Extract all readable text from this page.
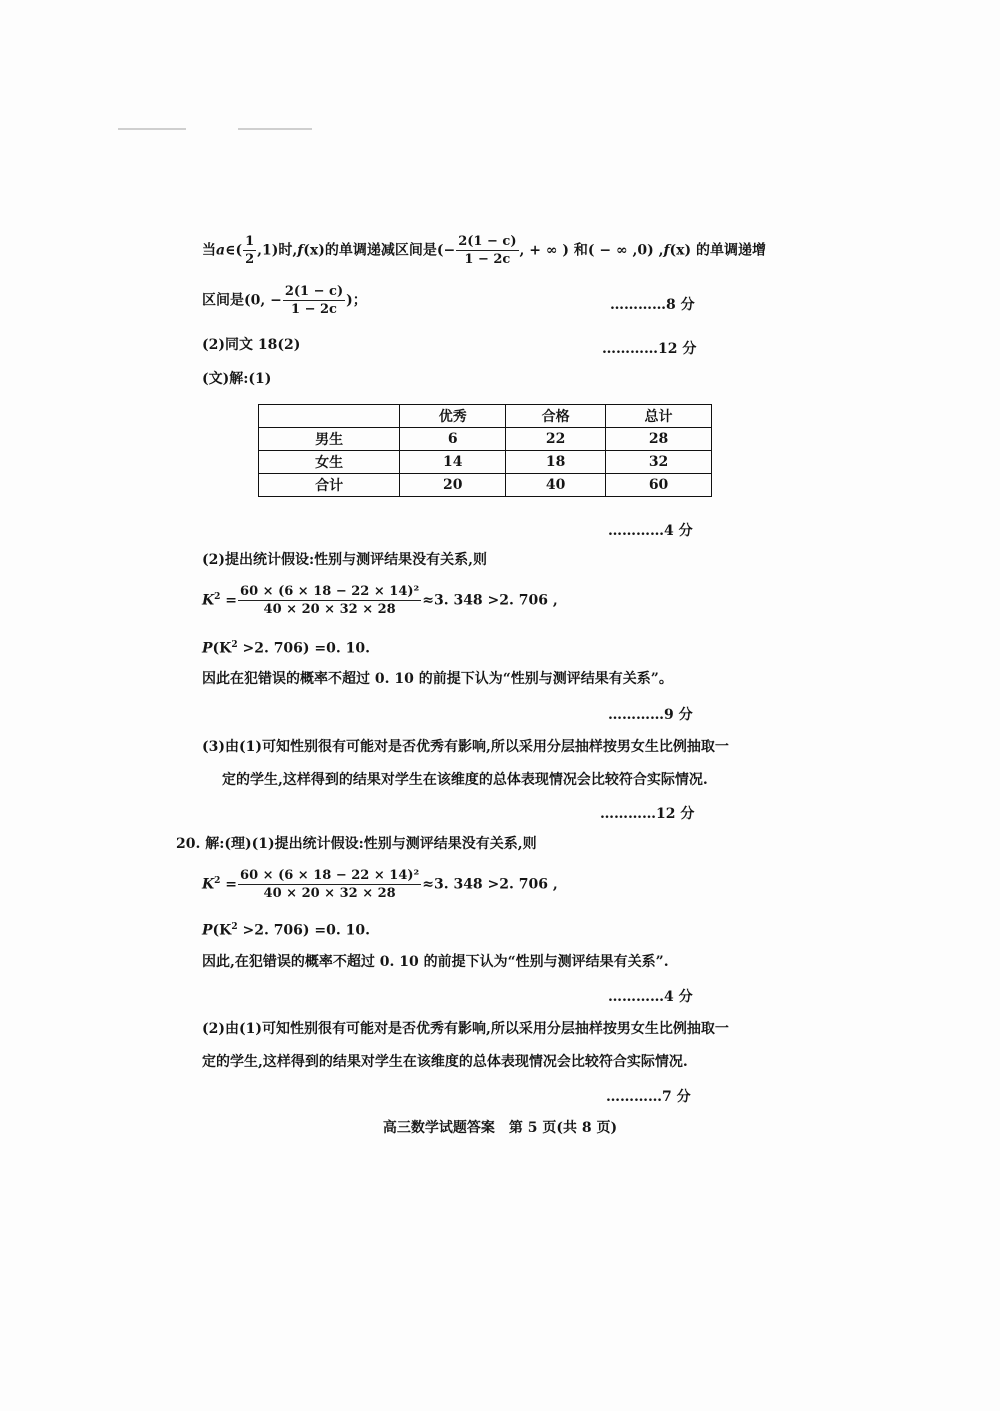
当a∈( $\frac{1}{2} ,1$)时,f(x)的单调递减区间是(− $\frac{2(1 - c)}{1 - 2c}$ , + ∞ ) 和( − ∞ ,0) ,f(x) 的单调递增
区间是(0, − $\frac{2(1 - c)}{1 - 2c}$ )；	…………8 分
(2)同文 18(2)	…………12 分
(文)解:(1)
	优秀	合格	总计
男生	6	22	28
女生	14	18	32
合计	20	40	60
…………4 分
(2)提出统计假设:性别与测评结果没有关系,则
$K^2 = \frac{\text{60 × (6 × 18 − 22 × 14)²}}{40 \times 20 \times 32 \times 28} \approx 3$. 348 >2. 706 ,
$P(K^2 >2$. 706) =0. 10.
因此在犯错误的概率不超过 0. 10 的前提下认为“性别与测评结果有关系”。
…………9 分
(3)由(1)可知性别很有可能对是否优秀有影响,所以采用分层抽样按男女生比例抽取一
定的学生,这样得到的结果对学生在该维度的总体表现情况会比较符合实际情况.
…………12 分
20. 解:(理)(1)提出统计假设:性别与测评结果没有关系,则
$K^2 = \frac{\text{60 × (6 × 18 − 22 × 14)²}}{40 \times 20 \times 32 \times 28} \approx 3$. 348 >2. 706 ,
$P(K^2 >2$. 706) =0. 10.
因此,在犯错误的概率不超过 0. 10 的前提下认为“性别与测评结果有关系”.
…………4 分
(2)由(1)可知性别很有可能对是否优秀有影响,所以采用分层抽样按男女生比例抽取一
定的学生,这样得到的结果对学生在该维度的总体表现情况会比较符合实际情况.
…………7 分
高三数学试题答案　第 5 页(共 8 页)
